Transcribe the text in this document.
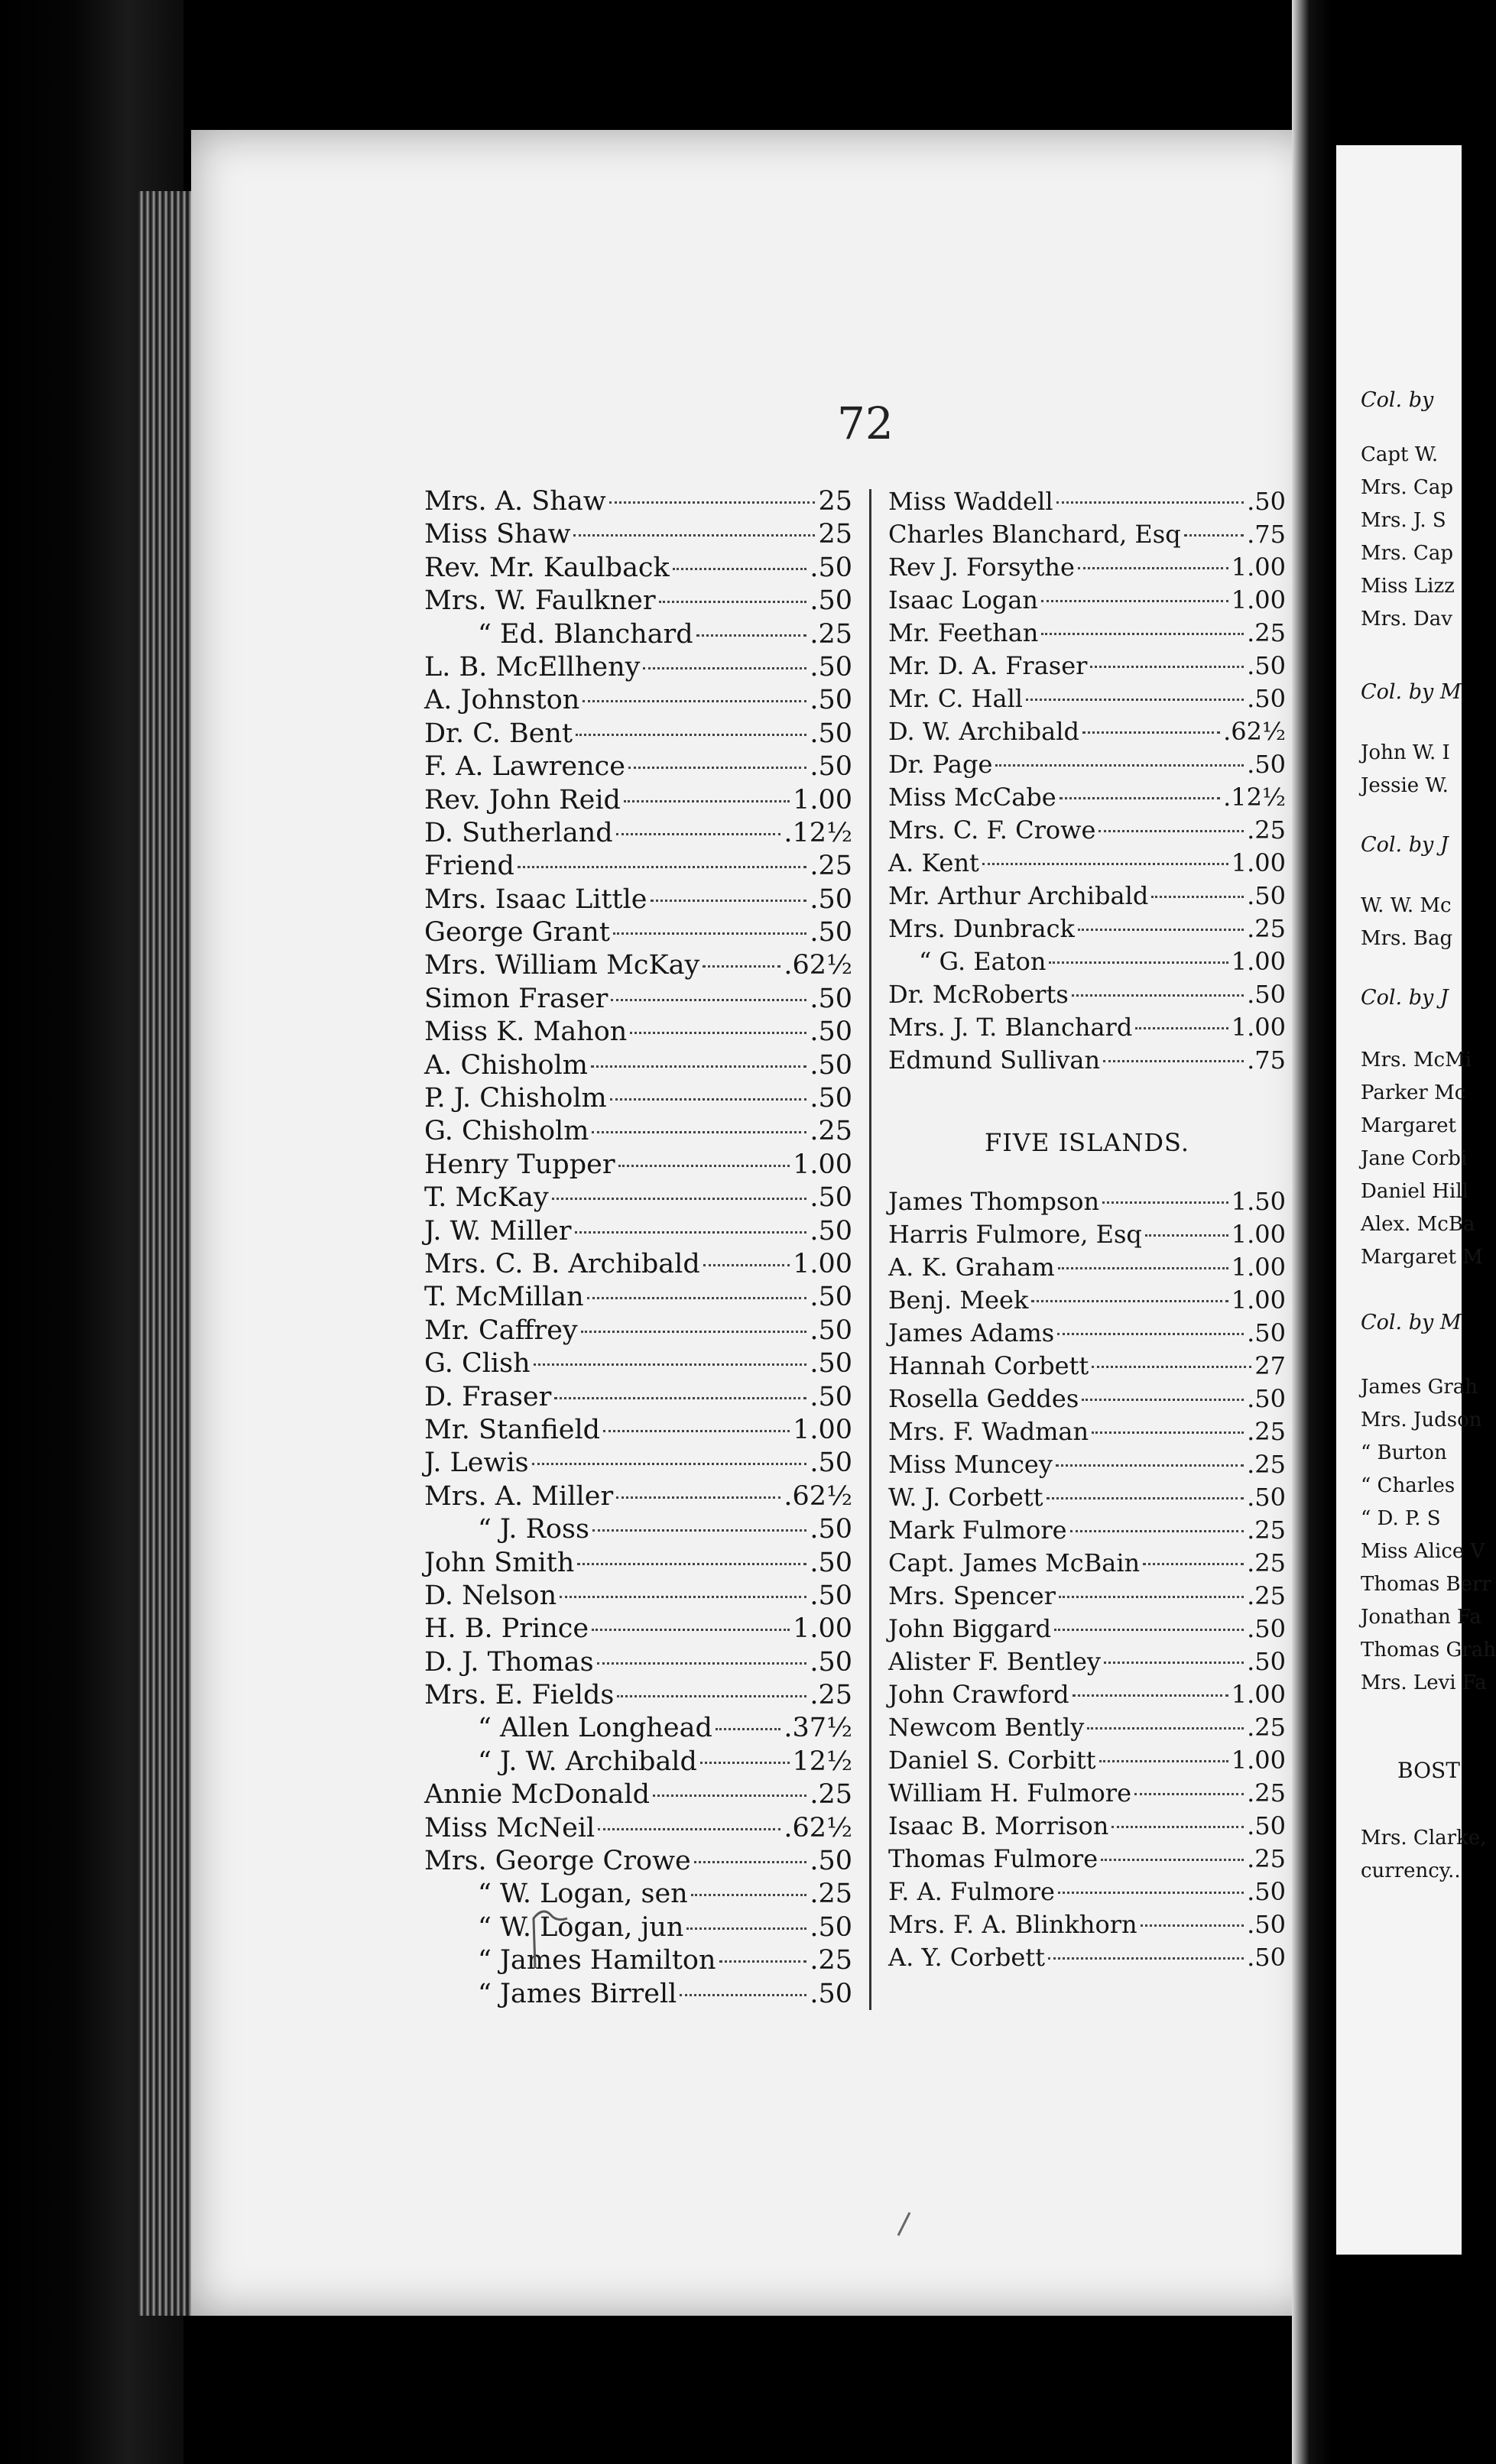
Col. by
Capt W.
Mrs. Cap
Mrs. J. S
Mrs. Cap
Miss Lizz
Mrs. Dav
Col. by M
John W. I
Jessie W.
Col. by J
W. W. Mc
Mrs. Bag
Col. by J
Mrs. McMi
Parker Mc
Margaret
Jane Corbi
Daniel Hill
Alex. McBa
Margaret M
Col. by M
James Grah
Mrs. Judson
“ Burton
“ Charles
“ D. P. S
Miss Alice V
Thomas Berr
Jonathan Fa
Thomas Grah
Mrs. Levi Fa
BOST
Mrs. Clarke,
currency..
72
Mrs. A. Shaw	25
Miss Shaw	25
Rev. Mr. Kaulback	.50
Mrs. W. Faulkner	.50
“ Ed. Blanchard	.25
L. B. McEllheny	.50
A. Johnston	.50
Dr. C. Bent	.50
F. A. Lawrence	.50
Rev. John Reid	1.00
D. Sutherland	.12½
Friend	.25
Mrs. Isaac Little	.50
George Grant	.50
Mrs. William McKay	.62½
Simon Fraser	.50
Miss K. Mahon	.50
A. Chisholm	.50
P. J. Chisholm	.50
G. Chisholm	.25
Henry Tupper	1.00
T. McKay	.50
J. W. Miller	.50
Mrs. C. B. Archibald	1.00
T. McMillan	.50
Mr. Caffrey	.50
G. Clish	.50
D. Fraser	.50
Mr. Stanfield	1.00
J. Lewis	.50
Mrs. A. Miller	.62½
“ J. Ross	.50
John Smith	.50
D. Nelson	.50
H. B. Prince	1.00
D. J. Thomas	.50
Mrs. E. Fields	.25
“ Allen Longhead	.37½
“ J. W. Archibald	12½
Annie McDonald	.25
Miss McNeil	.62½
Mrs. George Crowe	.50
“ W. Logan, sen	.25
“ W. Logan, jun	.50
“ James Hamilton	.25
“ James Birrell	.50
Miss Waddell	.50
Charles Blanchard, Esq	.75
Rev J. Forsythe	1.00
Isaac Logan	1.00
Mr. Feethan	.25
Mr. D. A. Fraser	.50
Mr. C. Hall	.50
D. W. Archibald	.62½
Dr. Page	.50
Miss McCabe	.12½
Mrs. C. F. Crowe	.25
A. Kent	1.00
Mr. Arthur Archibald	.50
Mrs. Dunbrack	.25
“ G. Eaton	1.00
Dr. McRoberts	.50
Mrs. J. T. Blanchard	1.00
Edmund Sullivan	.75
FIVE ISLANDS.
James Thompson	1.50
Harris Fulmore, Esq	1.00
A. K. Graham	1.00
Benj. Meek	1.00
James Adams	.50
Hannah Corbett	27
Rosella Geddes	.50
Mrs. F. Wadman	.25
Miss Muncey	.25
W. J. Corbett	.50
Mark Fulmore	.25
Capt. James McBain	.25
Mrs. Spencer	.25
John Biggard	.50
Alister F. Bentley	.50
John Crawford	1.00
Newcom Bently	.25
Daniel S. Corbitt	1.00
William H. Fulmore	.25
Isaac B. Morrison	.50
Thomas Fulmore	.25
F. A. Fulmore	.50
Mrs. F. A. Blinkhorn	.50
A. Y. Corbett	.50
